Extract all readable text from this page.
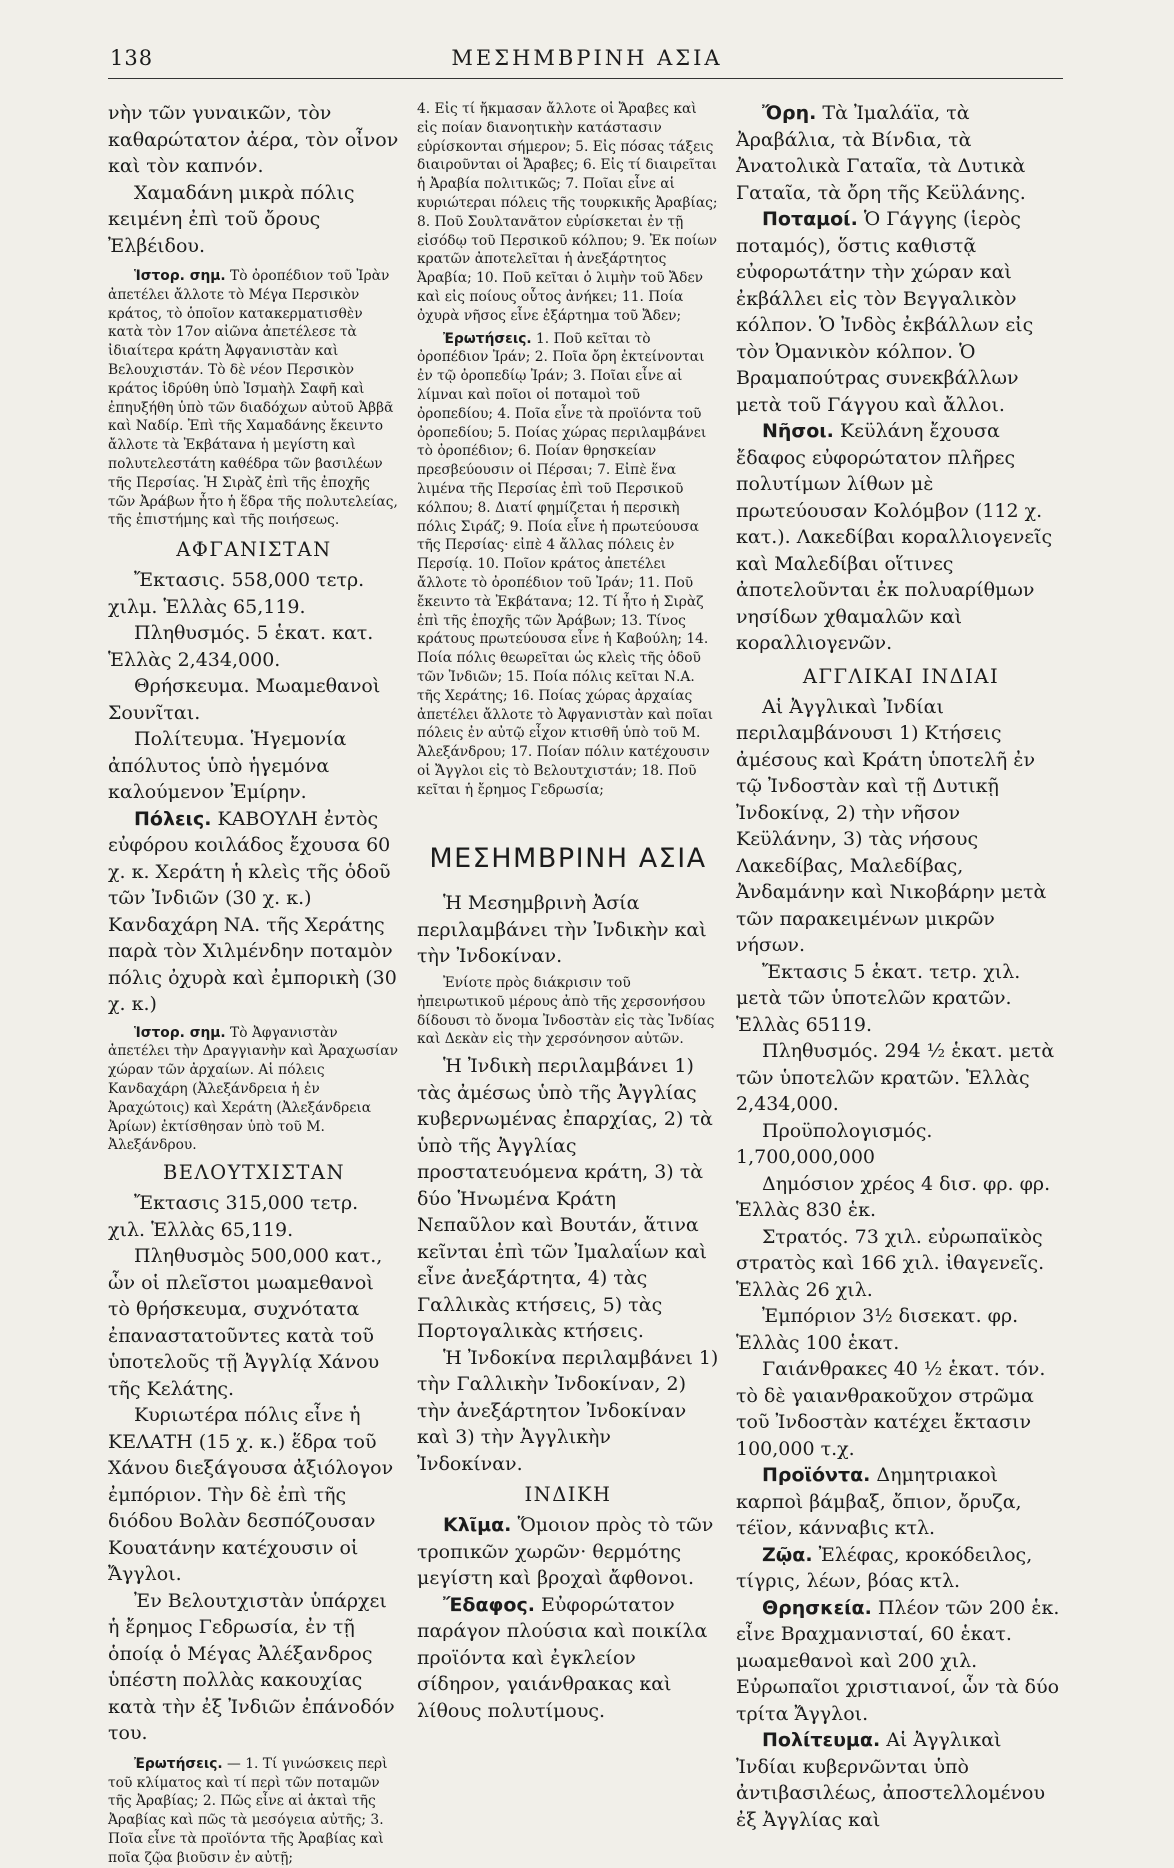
138	ΜΕΣΗΜΒΡΙΝΗ ΑΣΙΑ

νὴν τῶν γυναικῶν, τὸν καθαρώτατον ἀέρα, τὸν οἶνον καὶ τὸν καπνόν.

Χαμαδάνη μικρὰ πόλις κειμένη ἐπὶ τοῦ ὄρους Ἐλβέιδου.

Ἱστορ. σημ. Τὸ ὀροπέδιον τοῦ Ἰρὰν ἀπετέλει ἄλλοτε τὸ Μέγα Περσικὸν κράτος, τὸ ὁποῖον κατακερματισθὲν κατὰ τὸν 17ον αἰῶνα ἀπετέλεσε τὰ ἰδιαίτερα κράτη Ἀφγανιστὰν καὶ Βελουχιστάν. Τὸ δὲ νέον Περσικὸν κράτος ἱδρύθη ὑπὸ Ἰσμαὴλ Σαφῆ καὶ ἐπηυξήθη ὑπὸ τῶν διαδόχων αὐτοῦ Ἀββᾶ καὶ Ναδίρ. Ἐπὶ τῆς Χαμαδάνης ἔκειντο ἄλλοτε τὰ Ἐκβάτανα ἡ μεγίστη καὶ πολυτελεστάτη καθέδρα τῶν βασιλέων τῆς Περσίας. Ἡ Σιρὰζ ἐπὶ τῆς ἐποχῆς τῶν Ἀράβων ἦτο ἡ ἕδρα τῆς πολυτελείας, τῆς ἐπιστήμης καὶ τῆς ποιήσεως.

ΑΦΓΑΝΙΣΤΑΝ

Ἔκτασις. 558,000 τετρ. χιλμ. Ἑλλὰς 65,119.

Πληθυσμός. 5 ἑκατ. κατ. Ἑλλὰς 2,434,000.

Θρήσκευμα. Μωαμεθανοὶ Σουνῖται.

Πολίτευμα. Ἡγεμονία ἀπόλυτος ὑπὸ ἡγεμόνα καλούμενον Ἐμίρην.

Πόλεις. ΚΑΒΟΥΛΗ ἐντὸς εὐφόρου κοιλάδος ἔχουσα 60 χ. κ. Χεράτη ἡ κλεὶς τῆς ὁδοῦ τῶν Ἰνδιῶν (30 χ. κ.) Κανδαχάρη ΝΑ. τῆς Χεράτης παρὰ τὸν Χιλμένδην ποταμὸν πόλις ὀχυρὰ καὶ ἐμπορικὴ (30 χ. κ.)

Ἱστορ. σημ. Τὸ Ἀφγανιστὰν ἀπετέλει τὴν Δραγγιανὴν καὶ Ἀραχωσίαν χώραν τῶν ἀρχαίων. Αἱ πόλεις Κανδαχάρη (Ἀλεξάνδρεια ἡ ἐν Ἀραχώτοις) καὶ Χεράτη (Ἀλεξάνδρεια Ἀρίων) ἐκτίσθησαν ὑπὸ τοῦ Μ. Ἀλεξάνδρου.

ΒΕΛΟΥΤΧΙΣΤΑΝ

Ἔκτασις 315,000 τετρ. χιλ. Ἑλλὰς 65,119.

Πληθυσμὸς 500,000 κατ., ὧν οἱ πλεῖστοι μωαμεθανοὶ τὸ θρήσκευμα, συχνότατα ἐπαναστατοῦντες κατὰ τοῦ ὑποτελοῦς τῇ Ἀγγλίᾳ Χάνου τῆς Κελάτης.

Κυριωτέρα πόλις εἶνε ἡ ΚΕΛΑΤΗ (15 χ. κ.) ἕδρα τοῦ Χάνου διεξάγουσα ἀξιόλογον ἐμπόριον. Τὴν δὲ ἐπὶ τῆς διόδου Βολὰν δεσπόζουσαν Κουατάνην κατέχουσιν οἱ Ἄγγλοι.

Ἐν Βελουτχιστὰν ὑπάρχει ἡ ἔρημος Γεδρωσία, ἐν τῇ ὁποίᾳ ὁ Μέγας Ἀλέξανδρος ὑπέστη πολλὰς κακουχίας κατὰ τὴν ἐξ Ἰνδιῶν ἐπάνοδόν του.

Ἐρωτήσεις. — 1. Τί γινώσκεις περὶ τοῦ κλίματος καὶ τί περὶ τῶν ποταμῶν τῆς Ἀραβίας; 2. Πῶς εἶνε αἱ ἀκταὶ τῆς Ἀραβίας καὶ πῶς τὰ μεσόγεια αὐτῆς; 3. Ποῖα εἶνε τὰ προϊόντα τῆς Ἀραβίας καὶ ποῖα ζῷα βιοῦσιν ἐν αὐτῇ;

4. Εἰς τί ἤκμασαν ἄλλοτε οἱ Ἄραβες καὶ εἰς ποίαν διανοητικὴν κατάστασιν εὑρίσκονται σήμερον; 5. Εἰς πόσας τάξεις διαιροῦνται οἱ Ἄραβες; 6. Εἰς τί διαιρεῖται ἡ Ἀραβία πολιτικῶς; 7. Ποῖαι εἶνε αἱ κυριώτεραι πόλεις τῆς τουρκικῆς Ἀραβίας; 8. Ποῦ Σουλτανᾶτον εὑρίσκεται ἐν τῇ εἰσόδῳ τοῦ Περσικοῦ κόλπου; 9. Ἐκ ποίων κρατῶν ἀποτελεῖται ἡ ἀνεξάρτητος Ἀραβία; 10. Ποῦ κεῖται ὁ λιμὴν τοῦ Ἄδεν καὶ εἰς ποίους οὗτος ἀνήκει; 11. Ποία ὀχυρὰ νῆσος εἶνε ἐξάρτημα τοῦ Ἄδεν;

Ἐρωτήσεις. 1. Ποῦ κεῖται τὸ ὀροπέδιον Ἰράν; 2. Ποῖα ὄρη ἐκτείνονται ἐν τῷ ὀροπεδίῳ Ἰράν; 3. Ποῖαι εἶνε αἱ λίμναι καὶ ποῖοι οἱ ποταμοὶ τοῦ ὀροπεδίου; 4. Ποῖα εἶνε τὰ προϊόντα τοῦ ὀροπεδίου; 5. Ποίας χώρας περιλαμβάνει τὸ ὀροπέδιον; 6. Ποίαν θρησκείαν πρεσβεύουσιν οἱ Πέρσαι; 7. Εἰπὲ ἕνα λιμένα τῆς Περσίας ἐπὶ τοῦ Περσικοῦ κόλπου; 8. Διατί φημίζεται ἡ περσικὴ πόλις Σιράζ; 9. Ποία εἶνε ἡ πρωτεύουσα τῆς Περσίας· εἰπὲ 4 ἄλλας πόλεις ἐν Περσίᾳ. 10. Ποῖον κράτος ἀπετέλει ἄλλοτε τὸ ὀροπέδιον τοῦ Ἰράν; 11. Ποῦ ἔκειντο τὰ Ἐκβάτανα; 12. Τί ἦτο ἡ Σιρὰζ ἐπὶ τῆς ἐποχῆς τῶν Ἀράβων; 13. Τίνος κράτους πρωτεύουσα εἶνε ἡ Καβούλη; 14. Ποία πόλις θεωρεῖται ὡς κλεὶς τῆς ὁδοῦ τῶν Ἰνδιῶν; 15. Ποία πόλις κεῖται Ν.Α. τῆς Χεράτης; 16. Ποίας χώρας ἀρχαίας ἀπετέλει ἄλλοτε τὸ Ἀφγανιστὰν καὶ ποῖαι πόλεις ἐν αὐτῷ εἶχον κτισθῆ ὑπὸ τοῦ Μ. Ἀλεξάνδρου; 17. Ποίαν πόλιν κατέχουσιν οἱ Ἄγγλοι εἰς τὸ Βελουτχιστάν; 18. Ποῦ κεῖται ἡ ἔρημος Γεδρωσία;

ΜΕΣΗΜΒΡΙΝΗ ΑΣΙΑ

Ἡ Μεσημβρινὴ Ἀσία περιλαμβάνει τὴν Ἰνδικὴν καὶ τὴν Ἰνδοκίναν.

Ἐνίοτε πρὸς διάκρισιν τοῦ ἠπειρωτικοῦ μέρους ἀπὸ τῆς χερσονήσου δίδουσι τὸ ὄνομα Ἰνδοστὰν εἰς τὰς Ἰνδίας καὶ Δεκὰν εἰς τὴν χερσόνησον αὐτῶν.

Ἡ Ἰνδικὴ περιλαμβάνει 1) τὰς ἀμέσως ὑπὸ τῆς Ἀγγλίας κυβερνωμένας ἐπαρχίας, 2) τὰ ὑπὸ τῆς Ἀγγλίας προστατευόμενα κράτη, 3) τὰ δύο Ἡνωμένα Κράτη Νεπαῦλον καὶ Βουτάν, ἅτινα κεῖνται ἐπὶ τῶν Ἰμαλαΐων καὶ εἶνε ἀνεξάρτητα, 4) τὰς Γαλλικὰς κτήσεις, 5) τὰς Πορτογαλικὰς κτήσεις.

Ἡ Ἰνδοκίνα περιλαμβάνει 1) τὴν Γαλλικὴν Ἰνδοκίναν, 2) τὴν ἀνεξάρτητον Ἰνδοκίναν καὶ 3) τὴν Ἀγγλικὴν Ἰνδοκίναν.

ΙΝΔΙΚΗ

Κλῖμα. Ὅμοιον πρὸς τὸ τῶν τροπικῶν χωρῶν· θερμότης μεγίστη καὶ βροχαὶ ἄφθονοι.

Ἔδαφος. Εὐφορώτατον παράγον πλούσια καὶ ποικίλα προϊόντα καὶ ἐγκλείον σίδηρον, γαιάνθρακας καὶ λίθους πολυτίμους.

Ὄρη. Τὰ Ἰμαλάϊα, τὰ Ἀραβάλια, τὰ Βίνδια, τὰ Ἀνατολικὰ Γαταῖα, τὰ Δυτικὰ Γαταῖα, τὰ ὄρη τῆς Κεϋλάνης.

Ποταμοί. Ὁ Γάγγης (ἱερὸς ποταμός), ὅστις καθιστᾷ εὐφορωτάτην τὴν χώραν καὶ ἐκβάλλει εἰς τὸν Βεγγαλικὸν κόλπον. Ὁ Ἰνδὸς ἐκβάλλων εἰς τὸν Ὀμανικὸν κόλπον. Ὁ Βραμαπούτρας συνεκβάλλων μετὰ τοῦ Γάγγου καὶ ἄλλοι.

Νῆσοι. Κεϋλάνη ἔχουσα ἔδαφος εὐφορώτατον πλῆρες πολυτίμων λίθων μὲ πρωτεύουσαν Κολόμβον (112 χ. κατ.). Λακεδίβαι κοραλλιογενεῖς καὶ Μαλεδίβαι οἵτινες ἀποτελοῦνται ἐκ πολυαρίθμων νησίδων χθαμαλῶν καὶ κοραλλιογενῶν.

ΑΓΓΛΙΚΑΙ ΙΝΔΙΑΙ

Αἱ Ἀγγλικαὶ Ἰνδίαι περιλαμβάνουσι 1) Κτήσεις ἀμέσους καὶ Κράτη ὑποτελῆ ἐν τῷ Ἰνδοστὰν καὶ τῇ Δυτικῇ Ἰνδοκίνᾳ, 2) τὴν νῆσον Κεϋλάνην, 3) τὰς νήσους Λακεδίβας, Μαλεδίβας, Ἀνδαμάνην καὶ Νικοβάρην μετὰ τῶν παρακειμένων μικρῶν νήσων.

Ἔκτασις 5 ἑκατ. τετρ. χιλ. μετὰ τῶν ὑποτελῶν κρατῶν. Ἑλλὰς 65119.

Πληθυσμός. 294 ½ ἑκατ. μετὰ τῶν ὑποτελῶν κρατῶν. Ἑλλὰς 2,434,000.

Προϋπολογισμός. 1,700,000,000

Δημόσιον χρέος 4 δισ. φρ. φρ. Ἑλλὰς 830 ἑκ.

Στρατός. 73 χιλ. εὐρωπαϊκὸς στρατὸς καὶ 166 χιλ. ἰθαγενεῖς. Ἑλλὰς 26 χιλ.

Ἐμπόριον 3½ δισεκατ. φρ. Ἑλλὰς 100 ἑκατ.

Γαιάνθρακες 40 ½ ἑκατ. τόν. τὸ δὲ γαιανθρακοῦχον στρῶμα τοῦ Ἰνδοστὰν κατέχει ἔκτασιν 100,000 τ.χ.

Προϊόντα. Δημητριακοὶ καρποὶ βάμβαξ, ὄπιον, ὄρυζα, τέϊον, κάνναβις κτλ.

Ζῷα. Ἐλέφας, κροκόδειλος, τίγρις, λέων, βόας κτλ.

Θρησκεία. Πλέον τῶν 200 ἑκ. εἶνε Βραχμανισταί, 60 ἑκατ. μωαμεθανοὶ καὶ 200 χιλ. Εὐρωπαῖοι χριστιανοί, ὧν τὰ δύο τρίτα Ἄγγλοι.

Πολίτευμα. Αἱ Ἀγγλικαὶ Ἰνδίαι κυβερνῶνται ὑπὸ ἀντιβασιλέως, ἀποστελλομένου ἐξ Ἀγγλίας καὶ
